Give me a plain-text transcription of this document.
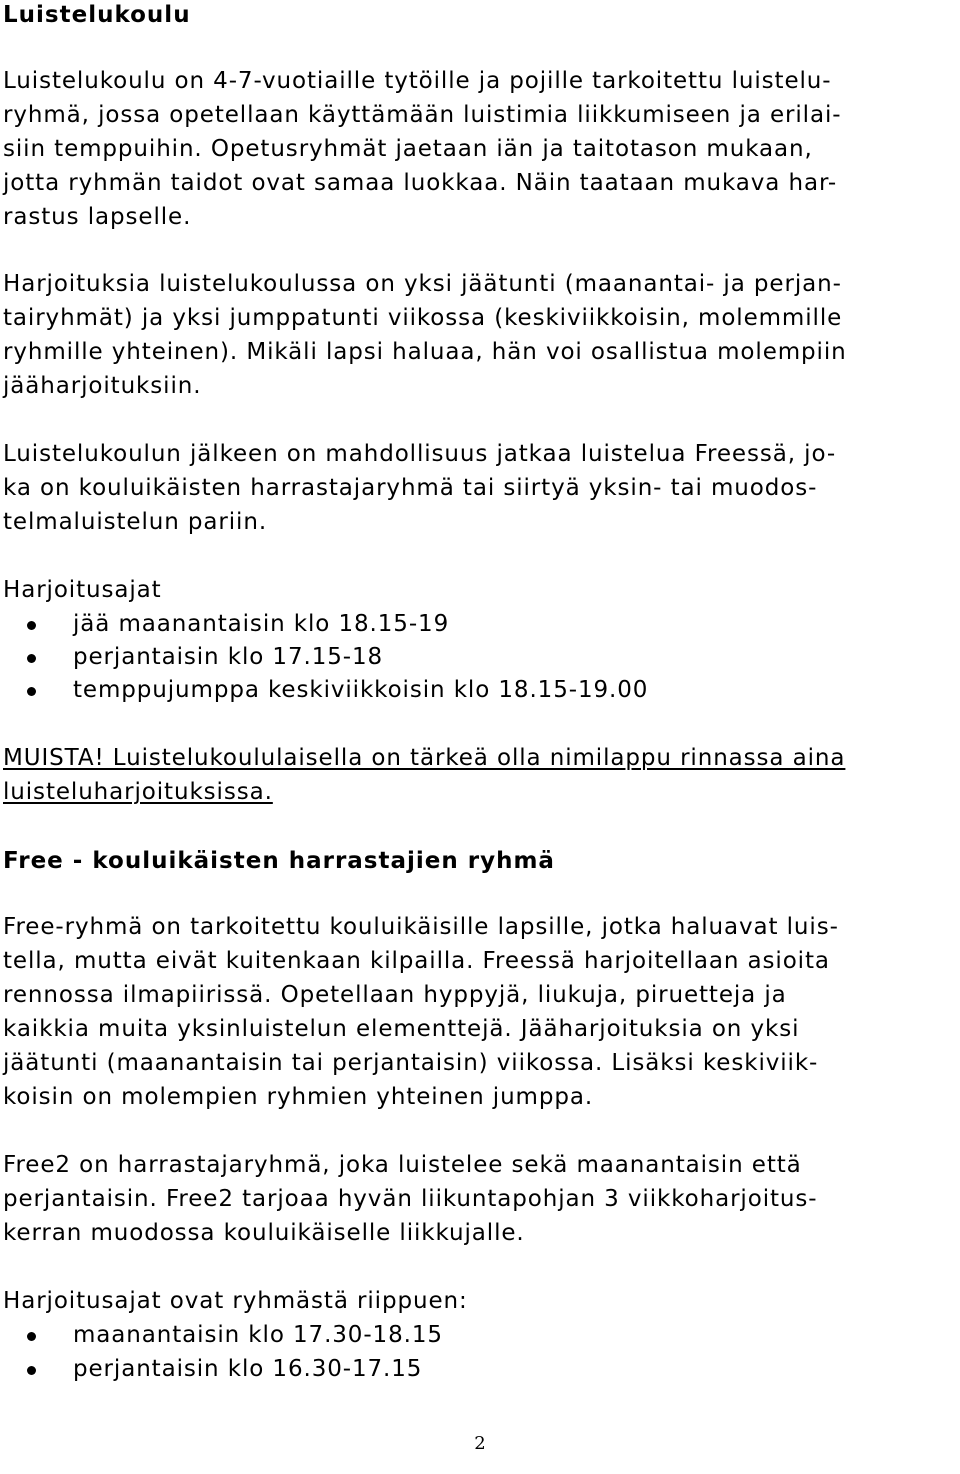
Luistelukoulu
Luistelukoulu on 4-7-vuotiaille tytöille ja pojille tarkoitettu luistelu-
ryhmä, jossa opetellaan käyttämään luistimia liikkumiseen ja erilai-
siin temppuihin. Opetusryhmät jaetaan iän ja taitotason mukaan,
jotta ryhmän taidot ovat samaa luokkaa. Näin taataan mukava har-
rastus lapselle.
Harjoituksia luistelukoulussa on yksi jäätunti (maanantai- ja perjan-
tairyhmät) ja yksi jumppatunti viikossa (keskiviikkoisin, molemmille
ryhmille yhteinen). Mikäli lapsi haluaa, hän voi osallistua molempiin
jääharjoituksiin.
Luistelukoulun jälkeen on mahdollisuus jatkaa luistelua Freessä, jo-
ka on kouluikäisten harrastajaryhmä tai siirtyä yksin- tai muodos-
telmaluistelun pariin.
Harjoitusajat

jää maanantaisin klo 18.15-19

perjantaisin klo 17.15-18

temppujumppa keskiviikkoisin klo 18.15-19.00

MUISTA! Luistelukoululaisella on tärkeä olla nimilappu rinnassa aina
luisteluharjoituksissa.
Free - kouluikäisten harrastajien ryhmä
Free-ryhmä on tarkoitettu kouluikäisille lapsille, jotka haluavat luis-
tella, mutta eivät kuitenkaan kilpailla. Freessä harjoitellaan asioita
rennossa ilmapiirissä. Opetellaan hyppyjä, liukuja, piruetteja ja
kaikkia muita yksinluistelun elementtejä. Jääharjoituksia on yksi
jäätunti (maanantaisin tai perjantaisin) viikossa. Lisäksi keskiviik-
koisin on molempien ryhmien yhteinen jumppa.
Free2 on harrastajaryhmä, joka luistelee sekä maanantaisin että
perjantaisin. Free2 tarjoaa hyvän liikuntapohjan 3 viikkoharjoitus-
kerran muodossa kouluikäiselle liikkujalle.
Harjoitusajat ovat ryhmästä riippuen:

maanantaisin klo 17.30-18.15

perjantaisin klo 16.30-17.15

2
